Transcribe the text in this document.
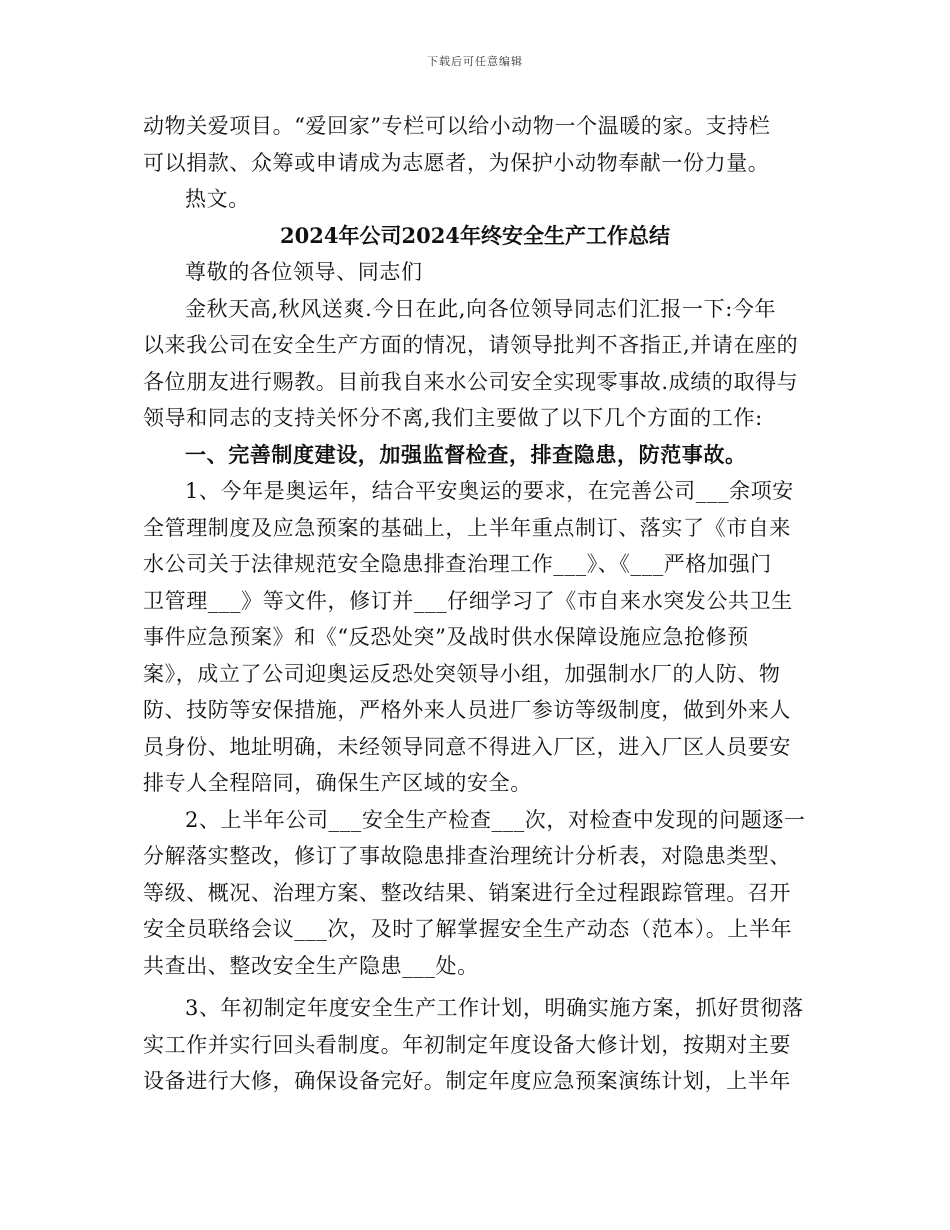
下载后可任意编辑
动物关爱项目。“爱回家”专栏可以给小动物一个温暖的家。支持栏
可以捐款、众筹或申请成为志愿者，为保护小动物奉献一份力量。
热文。
2024年公司2024年终安全生产工作总结
尊敬的各位领导、同志们
金秋天高,秋风送爽.今日在此,向各位领导同志们汇报一下:今年
以来我公司在安全生产方面的情况，请领导批判不吝指正,并请在座的
各位朋友进行赐教。目前我自来水公司安全实现零事故.成绩的取得与
领导和同志的支持关怀分不离,我们主要做了以下几个方面的工作:
一、完善制度建设，加强监督检查，排查隐患，防范事故。
1、今年是奥运年，结合平安奥运的要求，在完善公司___余项安
全管理制度及应急预案的基础上，上半年重点制订、落实了《市自来
水公司关于法律规范安全隐患排查治理工作___》、《___严格加强门
卫管理___》等文件，修订并___仔细学习了《市自来水突发公共卫生
事件应急预案》和《“反恐处突”及战时供水保障设施应急抢修预
案》，成立了公司迎奥运反恐处突领导小组，加强制水厂的人防、物
防、技防等安保措施，严格外来人员进厂参访等级制度，做到外来人
员身份、地址明确，未经领导同意不得进入厂区，进入厂区人员要安
排专人全程陪同，确保生产区域的安全。
2、上半年公司___安全生产检查___次，对检查中发现的问题逐一
分解落实整改，修订了事故隐患排查治理统计分析表，对隐患类型、
等级、概况、治理方案、整改结果、销案进行全过程跟踪管理。召开
安全员联络会议___次，及时了解掌握安全生产动态（范本）。上半年
共查出、整改安全生产隐患___处。
3、年初制定年度安全生产工作计划，明确实施方案，抓好贯彻落
实工作并实行回头看制度。年初制定年度设备大修计划，按期对主要
设备进行大修，确保设备完好。制定年度应急预案演练计划，上半年
